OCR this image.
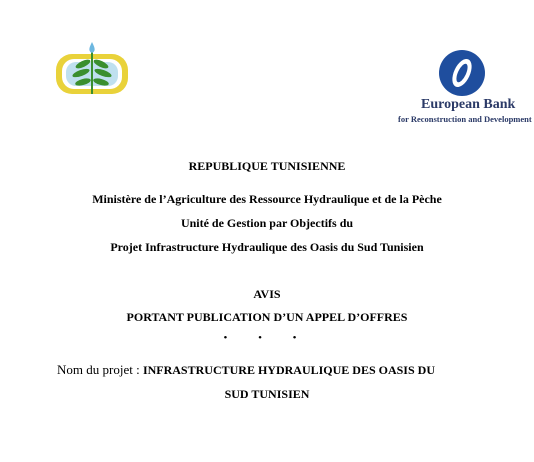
European Bank
for Reconstruction and Development
REPUBLIQUE TUNISIENNE
Ministère de l’Agriculture des Ressource Hydraulique et de la Pèche
Unité de Gestion par Objectifs du
Projet Infrastructure Hydraulique des Oasis du Sud Tunisien
AVIS
PORTANT PUBLICATION D’UN APPEL D’OFFRES
• • •
Nom du projet : INFRASTRUCTURE HYDRAULIQUE DES OASIS DU
SUD TUNISIEN
